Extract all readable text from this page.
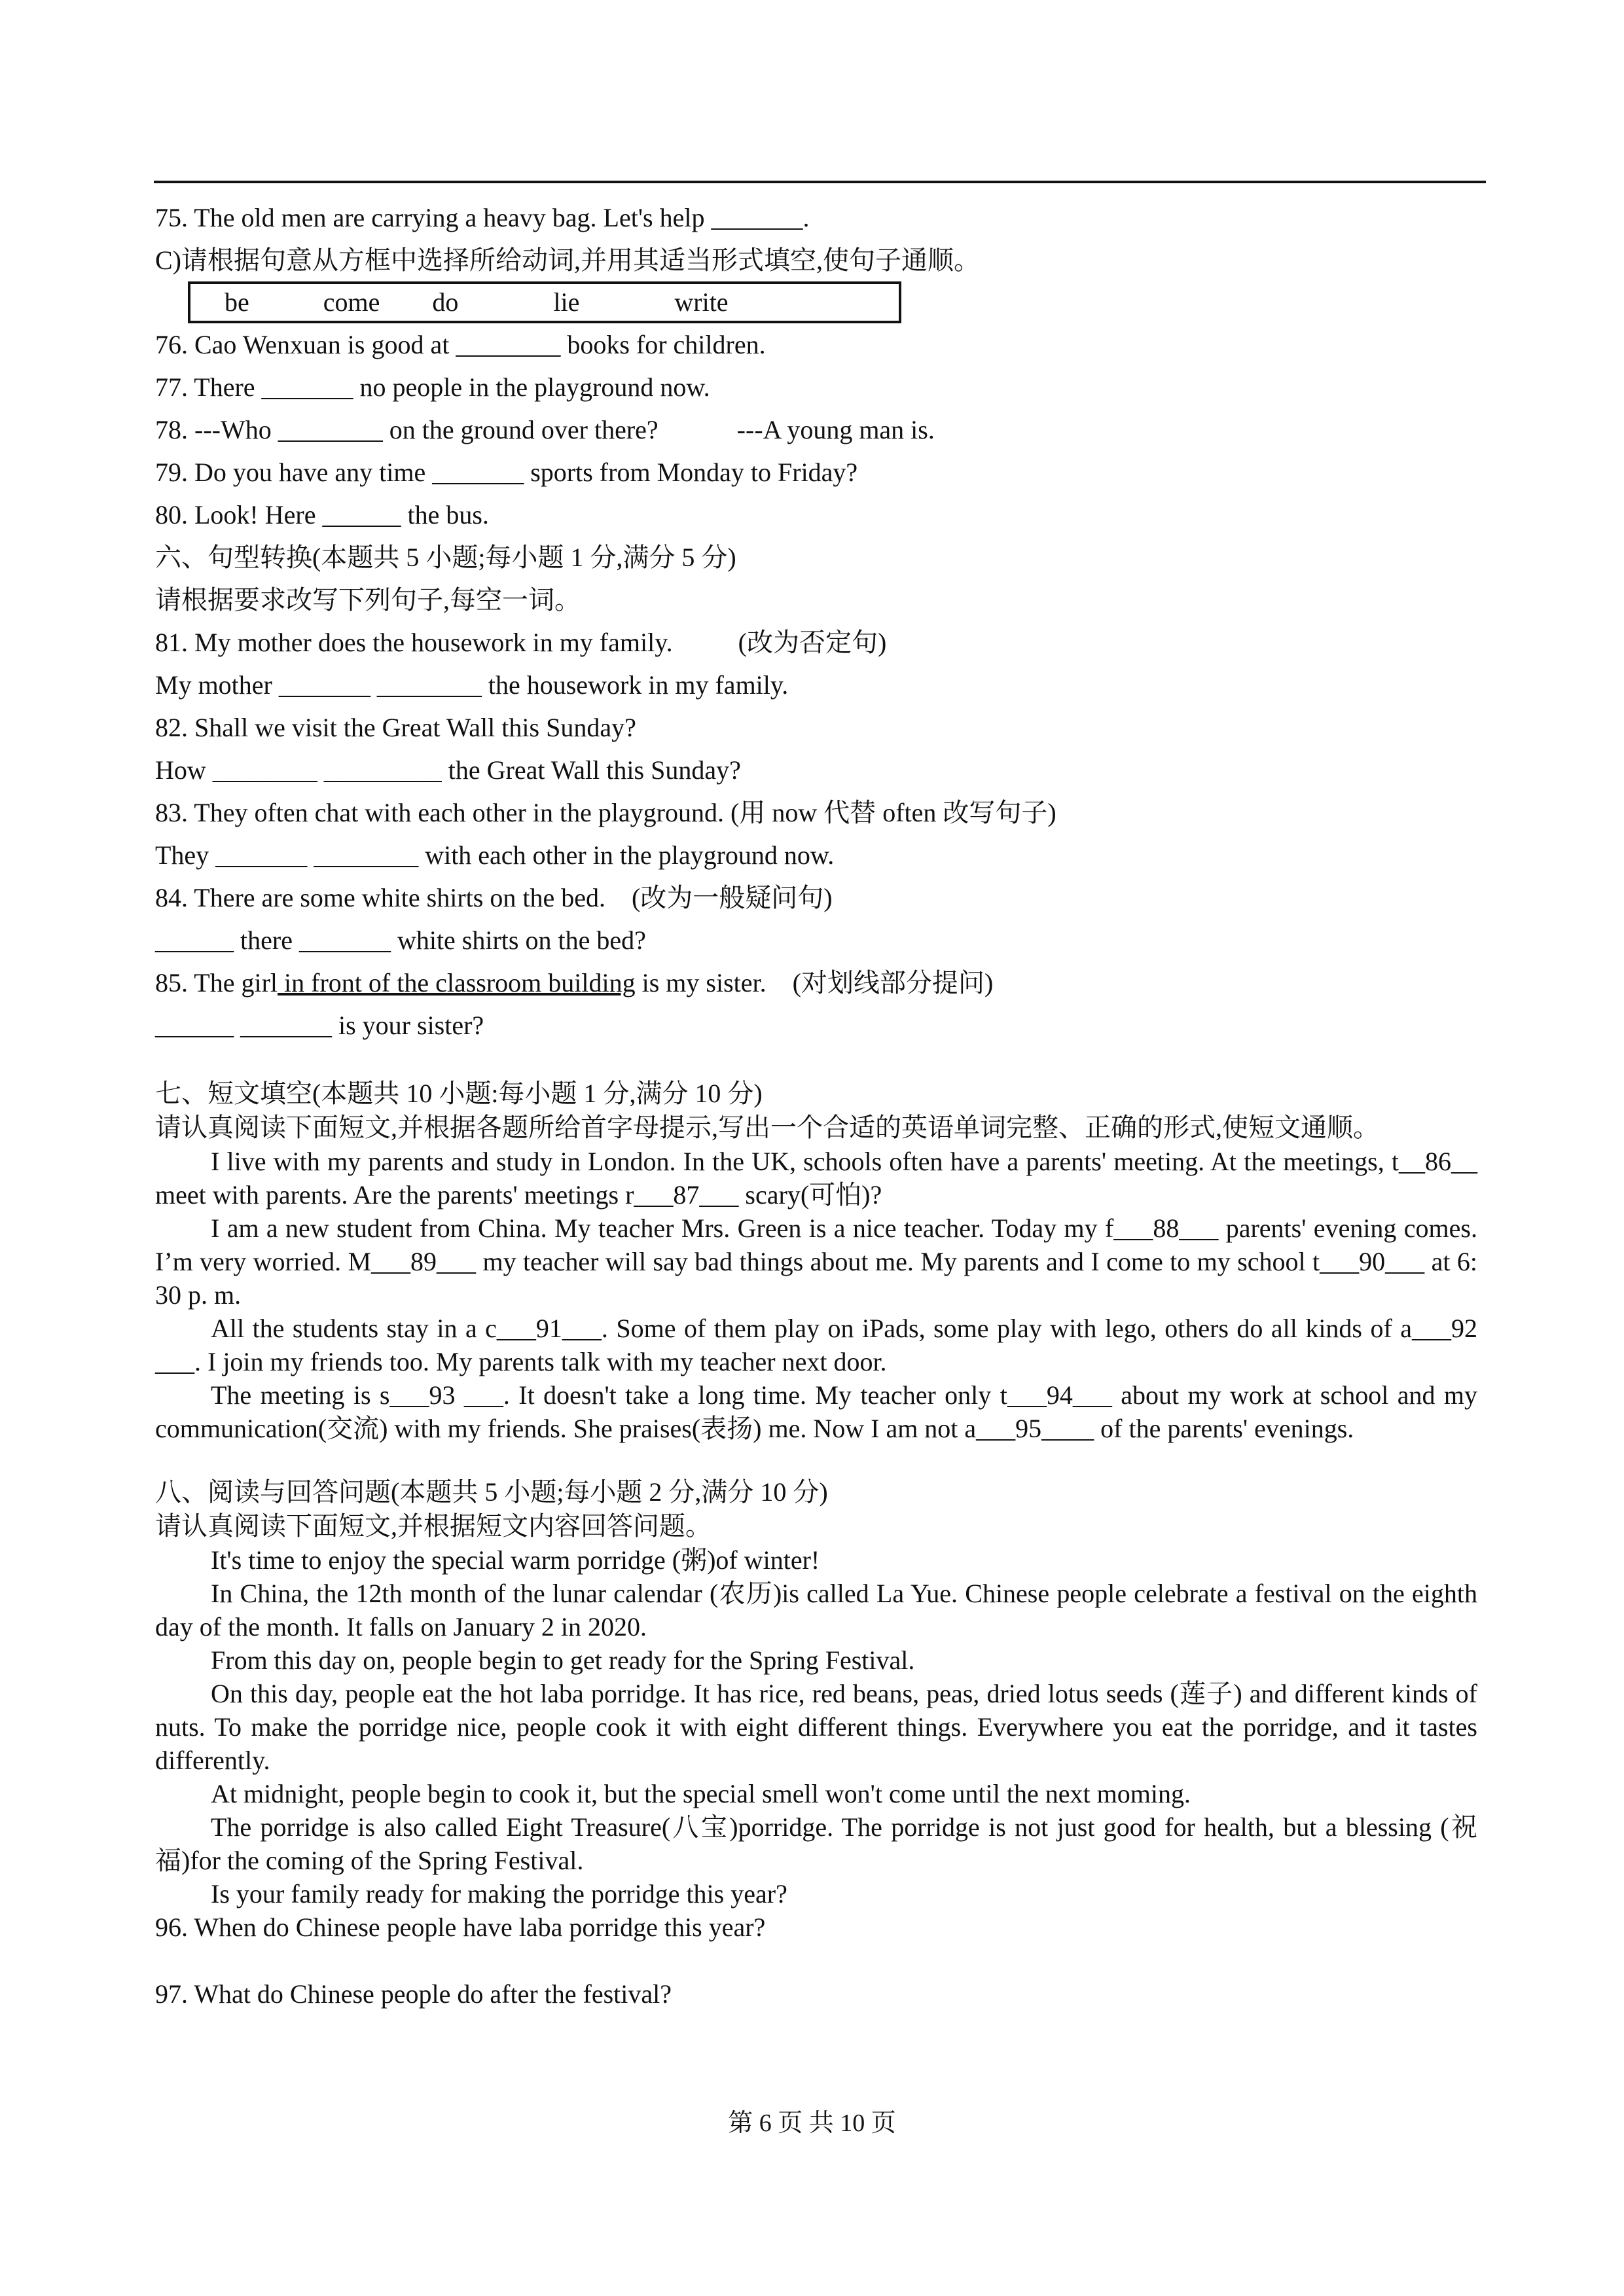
75. The old men are carrying a heavy bag. Let's help _______.
C)请根据句意从方框中选择所给动词,并用其适当形式填空,使句子通顺。
be	come do	lie	write
76. Cao Wenxuan is good at ________ books for children.
77. There _______ no people in the playground now.
78. ---Who ________ on the ground over there?	---A young man is.
79. Do you have any time _______ sports from Monday to Friday?
80. Look! Here ______ the bus.
六、句型转换(本题共 5 小题;每小题 1 分,满分 5 分)
请根据要求改写下列句子,每空一词。
81. My mother does the housework in my family.	(改为否定句)
My mother _______ ________ the housework in my family.
82. Shall we visit the Great Wall this Sunday?
How ________ _________ the Great Wall this Sunday?
83. They often chat with each other in the playground. (用 now 代替 often 改写句子)
They _______ ________ with each other in the playground now.
84. There are some white shirts on the bed. (改为一般疑问句)
______ there _______ white shirts on the bed?
85. The girl in front of the classroom building is my sister. (对划线部分提问)
______ _______ is your sister?
七、短文填空(本题共 10 小题:每小题 1 分,满分 10 分)
请认真阅读下面短文,并根据各题所给首字母提示,写出一个合适的英语单词完整、正确的形式,使短文通顺。

I live with my parents and study in London. In the UK, schools often have a parents' meeting. At the meetings, t__86__ meet with parents. Are the parents' meetings r___87___ scary(可怕)?

I am a new student from China. My teacher Mrs. Green is a nice teacher. Today my f___88___ parents' evening comes. I’m very worried. M___89___ my teacher will say bad things about me. My parents and I come to my school t___90___ at 6: 30 p. m.

All the students stay in a c___91___. Some of them play on iPads, some play with lego, others do all kinds of a___92 ___. I join my friends too. My parents talk with my teacher next door.

The meeting is s___93 ___. It doesn't take a long time. My teacher only t___94___ about my work at school and my communication(交流) with my friends. She praises(表扬) me. Now I am not a___95____ of the parents' evenings.

八、阅读与回答问题(本题共 5 小题;每小题 2 分,满分 10 分)
请认真阅读下面短文,并根据短文内容回答问题。

It's time to enjoy the special warm porridge (粥)of winter!

In China, the 12th month of the lunar calendar (农历)is called La Yue. Chinese people celebrate a festival on the eighth day of the month. It falls on January 2 in 2020.

From this day on, people begin to get ready for the Spring Festival.

On this day, people eat the hot laba porridge. It has rice, red beans, peas, dried lotus seeds (莲子) and different kinds of nuts. To make the porridge nice, people cook it with eight different things. Everywhere you eat the porridge, and it tastes differently.

At midnight, people begin to cook it, but the special smell won't come until the next moming.

The porridge is also called Eight Treasure(八宝)porridge. The porridge is not just good for health, but a blessing (祝福)for the coming of the Spring Festival.

Is your family ready for making the porridge this year?

96. When do Chinese people have laba porridge this year?
97. What do Chinese people do after the festival?
第 6 页 共 10 页
